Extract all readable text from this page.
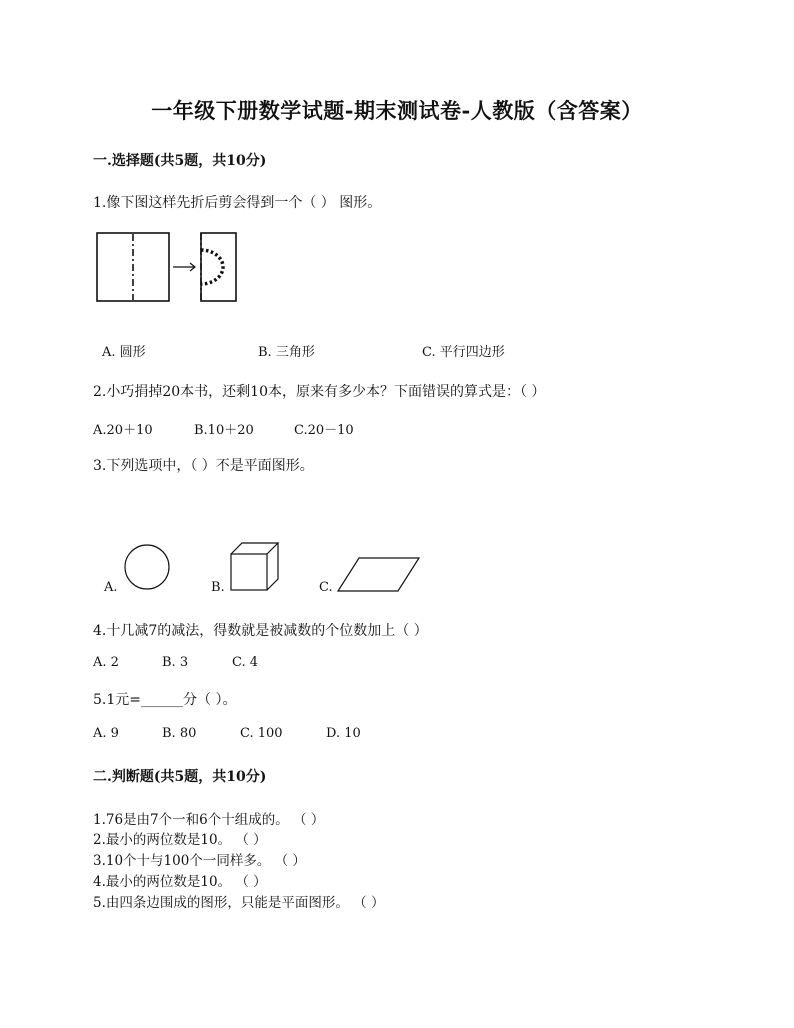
一年级下册数学试题-期末测试卷-人教版（含答案）
一.选择题(共5题，共10分)
1.像下图这样先折后剪会得到一个（ ） 图形。
A. 圆形	B. 三角形	C. 平行四边形
2.小巧捐掉20本书，还剩10本，原来有多少本？下面错误的算式是：（ ）
A.20＋10	B.10＋20	C.20－10
3.下列选项中，（ ）不是平面图形。
A.	B.	C.
4.十几减7的减法，得数就是被减数的个位数加上（ ）
A. 2	B. 3	C. 4
5.1元=______分（ ）。
A. 9	B. 80	C. 100	D. 10
二.判断题(共5题，共10分)
1.76是由7个一和6个十组成的。 （ ）
2.最小的两位数是10。 （ ）
3.10个十与100个一同样多。 （ ）
4.最小的两位数是10。 （ ）
5.由四条边围成的图形，只能是平面图形。 （ ）
